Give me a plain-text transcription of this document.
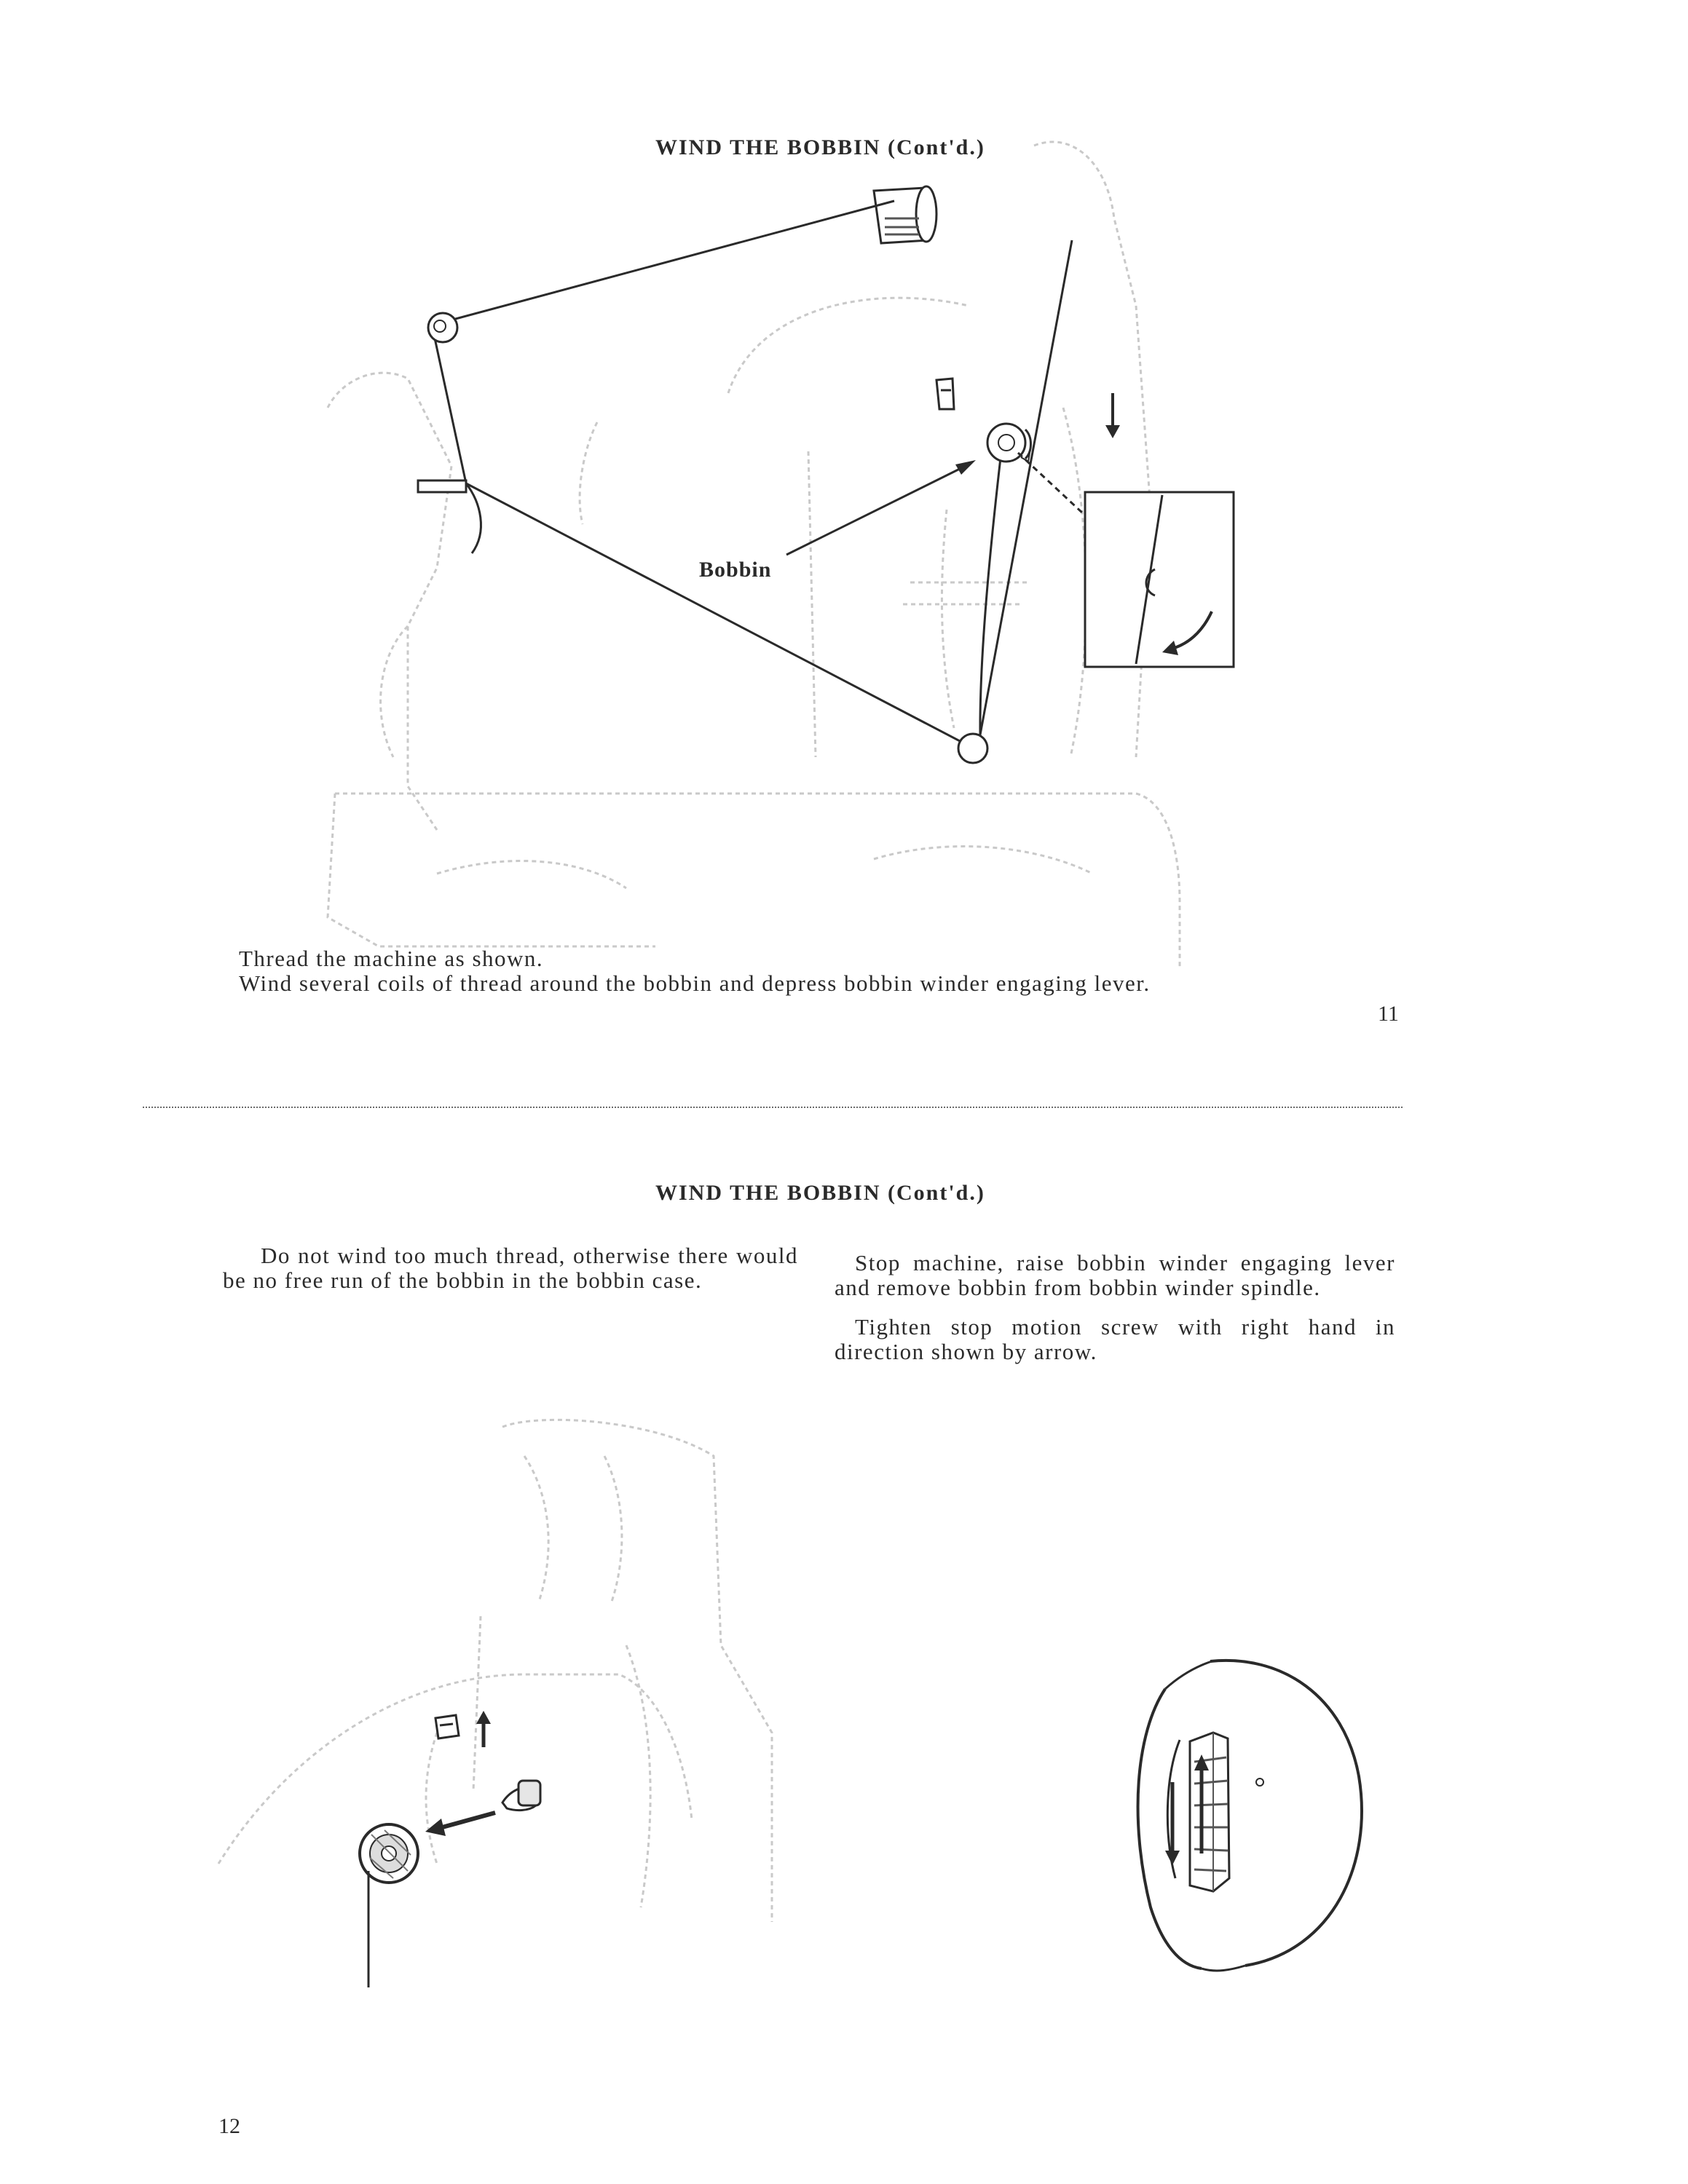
WIND THE BOBBIN (Cont'd.)
Bobbin
Thread the machine as shown.
Wind several coils of thread around the bobbin and depress bobbin winder engaging lever.
11
WIND THE BOBBIN (Cont'd.)
Do not wind too much thread, otherwise there would be no free run of the bobbin in the bobbin case.
Stop machine, raise bobbin winder engaging lever and remove bobbin from bobbin winder spindle.
Tighten stop motion screw with right hand in direction shown by arrow.
12
